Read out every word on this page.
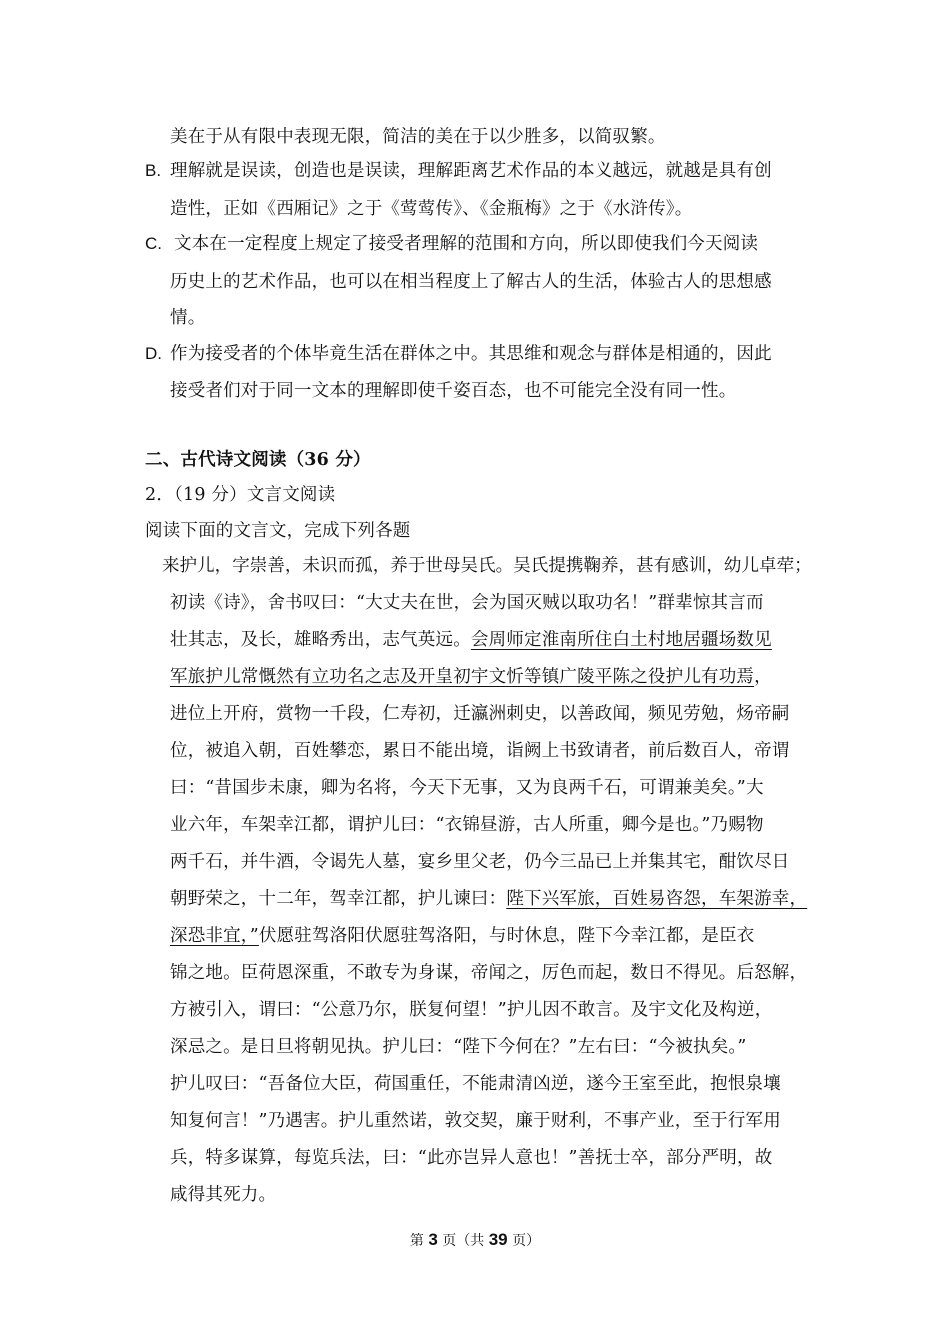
美在于从有限中表现无限，简洁的美在于以少胜多，以简驭繁。
B. 理解就是误读，创造也是误读，理解距离艺术作品的本义越远，就越是具有创
造性，正如《西厢记》之于《莺莺传》、《金瓶梅》之于《水浒传》。
C. 文本在一定程度上规定了接受者理解的范围和方向，所以即使我们今天阅读
历史上的艺术作品，也可以在相当程度上了解古人的生活，体验古人的思想感
情。
D. 作为接受者的个体毕竟生活在群体之中。其思维和观念与群体是相通的，因此
接受者们对于同一文本的理解即使千姿百态，也不可能完全没有同一性。
二、古代诗文阅读（36 分）
2．（19 分）文言文阅读
阅读下面的文言文，完成下列各题
来护儿，字崇善，未识而孤，养于世母吴氏。吴氏提携鞠养，甚有感训，幼儿卓荦；
初读《诗》，舍书叹曰：“大丈夫在世，会为国灭贼以取功名！”群辈惊其言而
壮其志，及长，雄略秀出，志气英远。会周师定淮南所住白土村地居疆场数见
军旅护儿常慨然有立功名之志及开皇初宇文忻等镇广陵平陈之役护儿有功焉，
进位上开府，赏物一千段，仁寿初，迁瀛洲刺史，以善政闻，频见劳勉，炀帝嗣
位，被追入朝，百姓攀恋，累日不能出境，诣阙上书致请者，前后数百人，帝谓
曰：“昔国步未康，卿为名将，今天下无事，又为良两千石，可谓兼美矣。”大
业六年，车架幸江都，谓护儿曰：“衣锦昼游，古人所重，卿今是也。”乃赐物
两千石，并牛酒，令谒先人墓，宴乡里父老，仍今三品已上并集其宅，酣饮尽日
朝野荣之，十二年，驾幸江都，护儿谏曰：陛下兴军旅，百姓易咨怨，车架游幸，
深恐非宜，”伏愿驻驾洛阳伏愿驻驾洛阳，与时休息，陛下今幸江都，是臣衣
锦之地。臣荷恩深重，不敢专为身谋，帝闻之，厉色而起，数日不得见。后怒解，
方被引入，谓曰：“公意乃尔，朕复何望！”护儿因不敢言。及宇文化及构逆，
深忌之。是日旦将朝见执。护儿曰：“陛下今何在？”左右曰：“今被执矣。”
护儿叹曰：“吾备位大臣，荷国重任，不能肃清凶逆，遂今王室至此，抱恨泉壤
知复何言！”乃遇害。护儿重然诺，敦交契，廉于财利，不事产业，至于行军用
兵，特多谋算，每览兵法，曰：“此亦岂异人意也！”善抚士卒，部分严明，故
咸得其死力。
第 3 页（共 39 页）
